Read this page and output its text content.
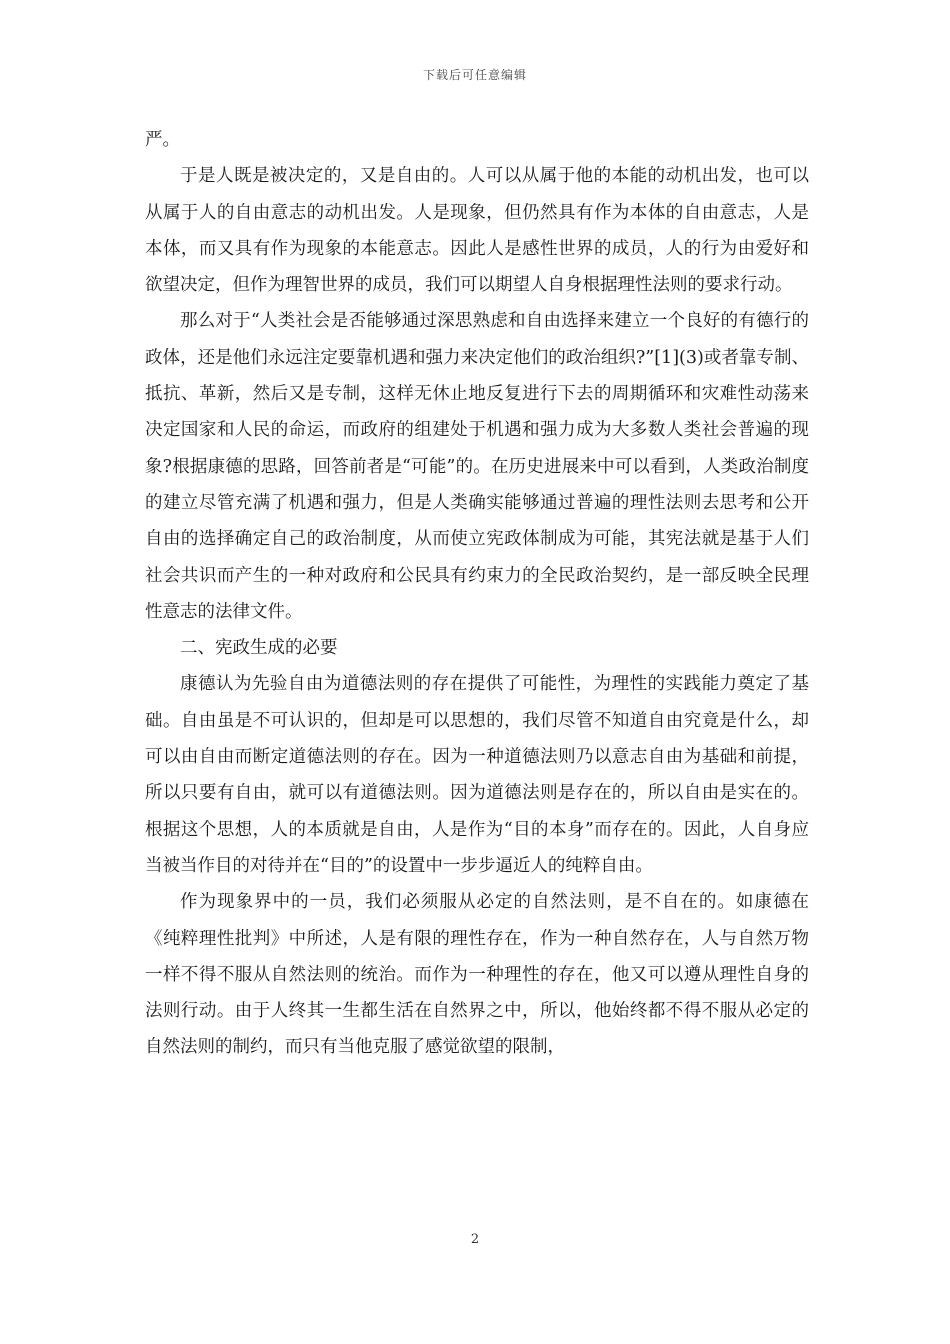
下载后可任意编辑

严。

于是人既是被决定的，又是自由的。人可以从属于他的本能的动机出发，也可以从属于人的自由意志的动机出发。人是现象，但仍然具有作为本体的自由意志，人是本体，而又具有作为现象的本能意志。因此人是感性世界的成员，人的行为由爱好和欲望决定，但作为理智世界的成员，我们可以期望人自身根据理性法则的要求行动。

那么对于“人类社会是否能够通过深思熟虑和自由选择来建立一个良好的有德行的政体，还是他们永远注定要靠机遇和强力来决定他们的政治组织?”[1](3)或者靠专制、抵抗、革新，然后又是专制，这样无休止地反复进行下去的周期循环和灾难性动荡来决定国家和人民的命运，而政府的组建处于机遇和强力成为大多数人类社会普遍的现象?根据康德的思路，回答前者是“可能”的。在历史进展来中可以看到，人类政治制度的建立尽管充满了机遇和强力，但是人类确实能够通过普遍的理性法则去思考和公开自由的选择确定自己的政治制度，从而使立宪政体制成为可能，其宪法就是基于人们社会共识而产生的一种对政府和公民具有约束力的全民政治契约，是一部反映全民理性意志的法律文件。

二、宪政生成的必要

康德认为先验自由为道德法则的存在提供了可能性，为理性的实践能力奠定了基础。自由虽是不可认识的，但却是可以思想的，我们尽管不知道自由究竟是什么，却可以由自由而断定道德法则的存在。因为一种道德法则乃以意志自由为基础和前提，所以只要有自由，就可以有道德法则。因为道德法则是存在的，所以自由是实在的。根据这个思想，人的本质就是自由，人是作为“目的本身”而存在的。因此，人自身应当被当作目的对待并在“目的”的设置中一步步逼近人的纯粹自由。

作为现象界中的一员，我们必须服从必定的自然法则，是不自在的。如康德在《纯粹理性批判》中所述，人是有限的理性存在，作为一种自然存在，人与自然万物一样不得不服从自然法则的统治。而作为一种理性的存在，他又可以遵从理性自身的法则行动。由于人终其一生都生活在自然界之中，所以，他始终都不得不服从必定的自然法则的制约，而只有当他克服了感觉欲望的限制，

2
